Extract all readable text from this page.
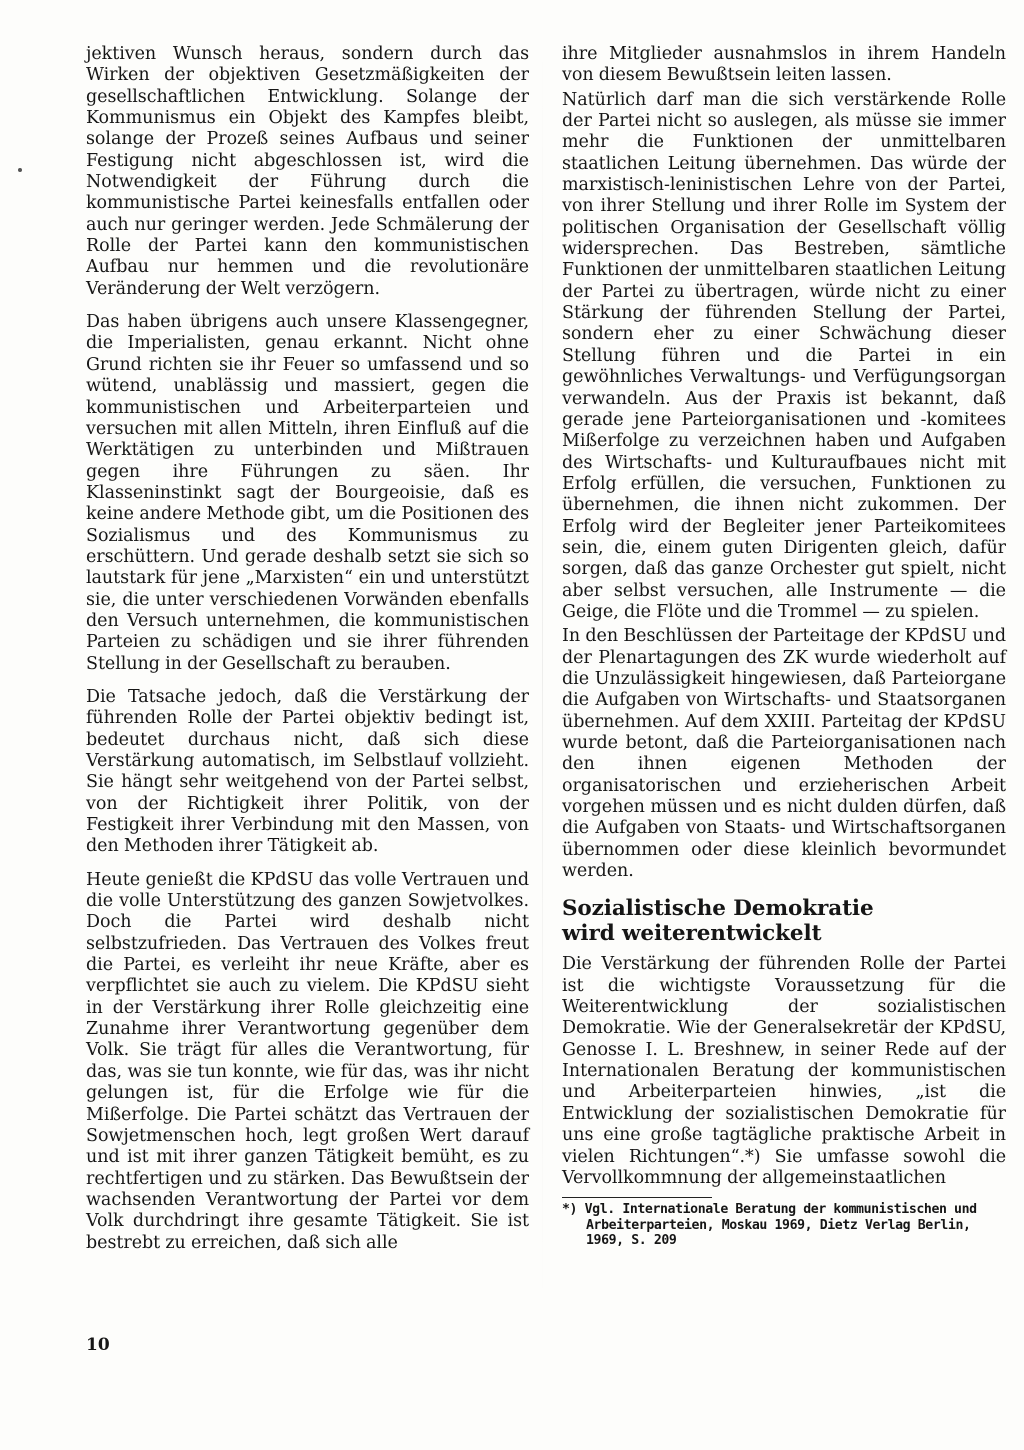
jektiven Wunsch heraus, sondern durch das Wirken der objektiven Gesetzmäßigkeiten der gesellschaftlichen Entwicklung. Solange der Kommunismus ein Objekt des Kampfes bleibt, solange der Prozeß seines Aufbaus und seiner Festigung nicht abgeschlossen ist, wird die Notwendigkeit der Führung durch die kommunistische Partei keinesfalls entfallen oder auch nur geringer werden. Jede Schmälerung der Rolle der Partei kann den kommunistischen Aufbau nur hemmen und die revolutionäre Veränderung der Welt verzögern.

Das haben übrigens auch unsere Klassengegner, die Imperialisten, genau erkannt. Nicht ohne Grund richten sie ihr Feuer so umfassend und so wütend, unablässig und massiert, gegen die kommunistischen und Arbeiterparteien und versuchen mit allen Mitteln, ihren Einfluß auf die Werktätigen zu unterbinden und Mißtrauen gegen ihre Führungen zu säen. Ihr Klasseninstinkt sagt der Bourgeoisie, daß es keine andere Methode gibt, um die Positionen des Sozialismus und des Kommunismus zu erschüttern. Und gerade deshalb setzt sie sich so lautstark für jene „Marxisten“ ein und unterstützt sie, die unter verschiedenen Vorwänden ebenfalls den Versuch unternehmen, die kommunistischen Parteien zu schädigen und sie ihrer führenden Stellung in der Gesellschaft zu berauben.

Die Tatsache jedoch, daß die Verstärkung der führenden Rolle der Partei objektiv bedingt ist, bedeutet durchaus nicht, daß sich diese Verstärkung automatisch, im Selbstlauf vollzieht. Sie hängt sehr weitgehend von der Partei selbst, von der Richtigkeit ihrer Politik, von der Festigkeit ihrer Verbindung mit den Massen, von den Methoden ihrer Tätigkeit ab.

Heute genießt die KPdSU das volle Vertrauen und die volle Unterstützung des ganzen Sowjetvolkes. Doch die Partei wird deshalb nicht selbstzufrieden. Das Vertrauen des Volkes freut die Partei, es verleiht ihr neue Kräfte, aber es verpflichtet sie auch zu vielem. Die KPdSU sieht in der Verstärkung ihrer Rolle gleichzeitig eine Zunahme ihrer Verantwortung gegenüber dem Volk. Sie trägt für alles die Verantwortung, für das, was sie tun konnte, wie für das, was ihr nicht gelungen ist, für die Erfolge wie für die Mißerfolge. Die Partei schätzt das Vertrauen der Sowjetmenschen hoch, legt großen Wert darauf und ist mit ihrer ganzen Tätigkeit bemüht, es zu rechtfertigen und zu stärken. Das Bewußtsein der wachsenden Verantwortung der Partei vor dem Volk durchdringt ihre gesamte Tätigkeit. Sie ist bestrebt zu erreichen, daß sich alle

ihre Mitglieder ausnahmslos in ihrem Handeln von diesem Bewußtsein leiten lassen.

Natürlich darf man die sich verstärkende Rolle der Partei nicht so auslegen, als müsse sie immer mehr die Funktionen der unmittelbaren staatlichen Leitung übernehmen. Das würde der marxistisch-leninistischen Lehre von der Partei, von ihrer Stellung und ihrer Rolle im System der politischen Organisation der Gesellschaft völlig widersprechen. Das Bestreben, sämtliche Funktionen der unmittelbaren staatlichen Leitung der Partei zu übertragen, würde nicht zu einer Stärkung der führenden Stellung der Partei, sondern eher zu einer Schwächung dieser Stellung führen und die Partei in ein gewöhnliches Verwaltungs- und Verfügungsorgan verwandeln. Aus der Praxis ist bekannt, daß gerade jene Parteiorganisationen und -komitees Mißerfolge zu verzeichnen haben und Aufgaben des Wirtschafts- und Kulturaufbaues nicht mit Erfolg erfüllen, die versuchen, Funktionen zu übernehmen, die ihnen nicht zukommen. Der Erfolg wird der Begleiter jener Parteikomitees sein, die, einem guten Dirigenten gleich, dafür sorgen, daß das ganze Orchester gut spielt, nicht aber selbst versuchen, alle Instrumente — die Geige, die Flöte und die Trommel — zu spielen.

In den Beschlüssen der Parteitage der KPdSU und der Plenartagungen des ZK wurde wiederholt auf die Unzulässigkeit hingewiesen, daß Parteiorgane die Aufgaben von Wirtschafts- und Staatsorganen übernehmen. Auf dem XXIII. Parteitag der KPdSU wurde betont, daß die Parteiorganisationen nach den ihnen eigenen Methoden der organisatorischen und erzieherischen Arbeit vorgehen müssen und es nicht dulden dürfen, daß die Aufgaben von Staats- und Wirtschaftsorganen übernommen oder diese kleinlich bevormundet werden.

Sozialistische Demokratie
wird weiterentwickelt

Die Verstärkung der führenden Rolle der Partei ist die wichtigste Voraussetzung für die Weiterentwicklung der sozialistischen Demokratie. Wie der Generalsekretär der KPdSU, Genosse I. L. Breshnew, in seiner Rede auf der Internationalen Beratung der kommunistischen und Arbeiterparteien hinwies, „ist die Entwicklung der sozialistischen Demokratie für uns eine große tagtägliche praktische Arbeit in vielen Richtungen“.*) Sie umfasse sowohl die Vervollkommnung der allgemeinstaatlichen

*) Vgl. Internationale Beratung der kommunistischen und Arbeiterparteien, Moskau 1969, Dietz Verlag Berlin, 1969, S. 209

10
